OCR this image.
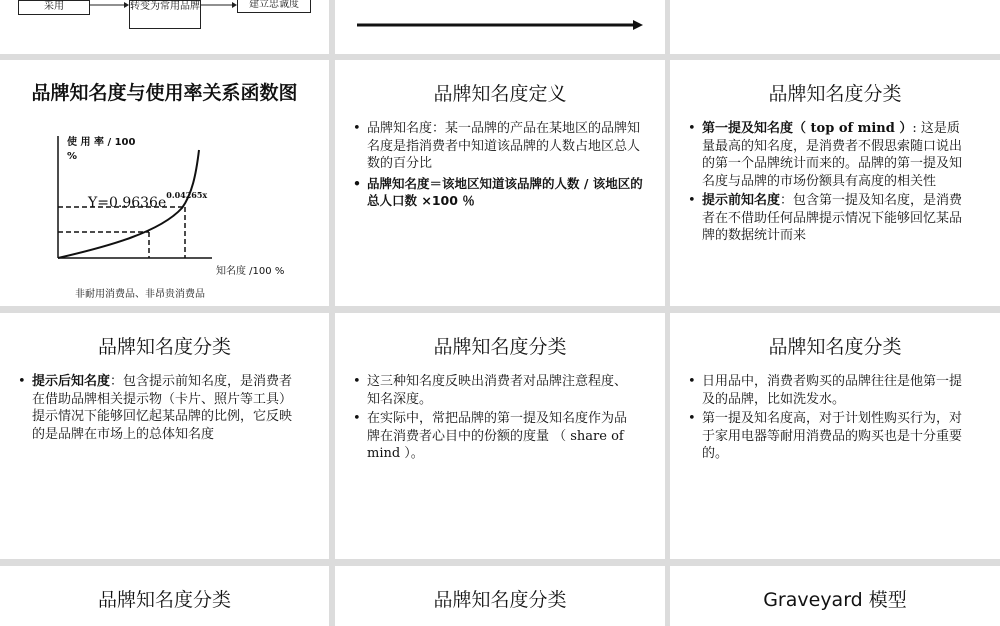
采用	转变为常用品牌	建立忠诚度
品牌知名度与使用率关系函数图
使 用 率 / 100 %
知名度 /100 %
$Y=0.9636e^{0.04265x}$
非耐用消费品、非昂贵消费品
品牌知名度定义
• 品牌知名度：某一品牌的产品在某地区的品牌知名度是指消费者中知道该品牌的人数占地区总人数的百分比
• 品牌知名度＝该地区知道该品牌的人数 / 该地区的总人口数 ×100 ％
品牌知名度分类
• 第一提及知名度（ top of mind ）: 这是质量最高的知名度，是消费者不假思索随口说出的第一个品牌统计而来的。品牌的第一提及知名度与品牌的市场份额具有高度的相关性
• 提示前知名度：包含第一提及知名度，是消费者在不借助任何品牌提示情况下能够回忆某品牌的数据统计而来
品牌知名度分类
• 提示后知名度：包含提示前知名度，是消费者在借助品牌相关提示物（卡片、照片等工具）提示情况下能够回忆起某品牌的比例，它反映的是品牌在市场上的总体知名度
品牌知名度分类
• 这三种知名度反映出消费者对品牌注意程度、知名深度。
• 在实际中，常把品牌的第一提及知名度作为品牌在消费者心目中的份额的度量 （ share of mind ）。
品牌知名度分类
• 日用品中，消费者购买的品牌往往是他第一提及的品牌，比如洗发水。
• 第一提及知名度高，对于计划性购买行为，对于家用电器等耐用消费品的购买也是十分重要的。
品牌知名度分类	品牌知名度分类	Graveyard 模型
